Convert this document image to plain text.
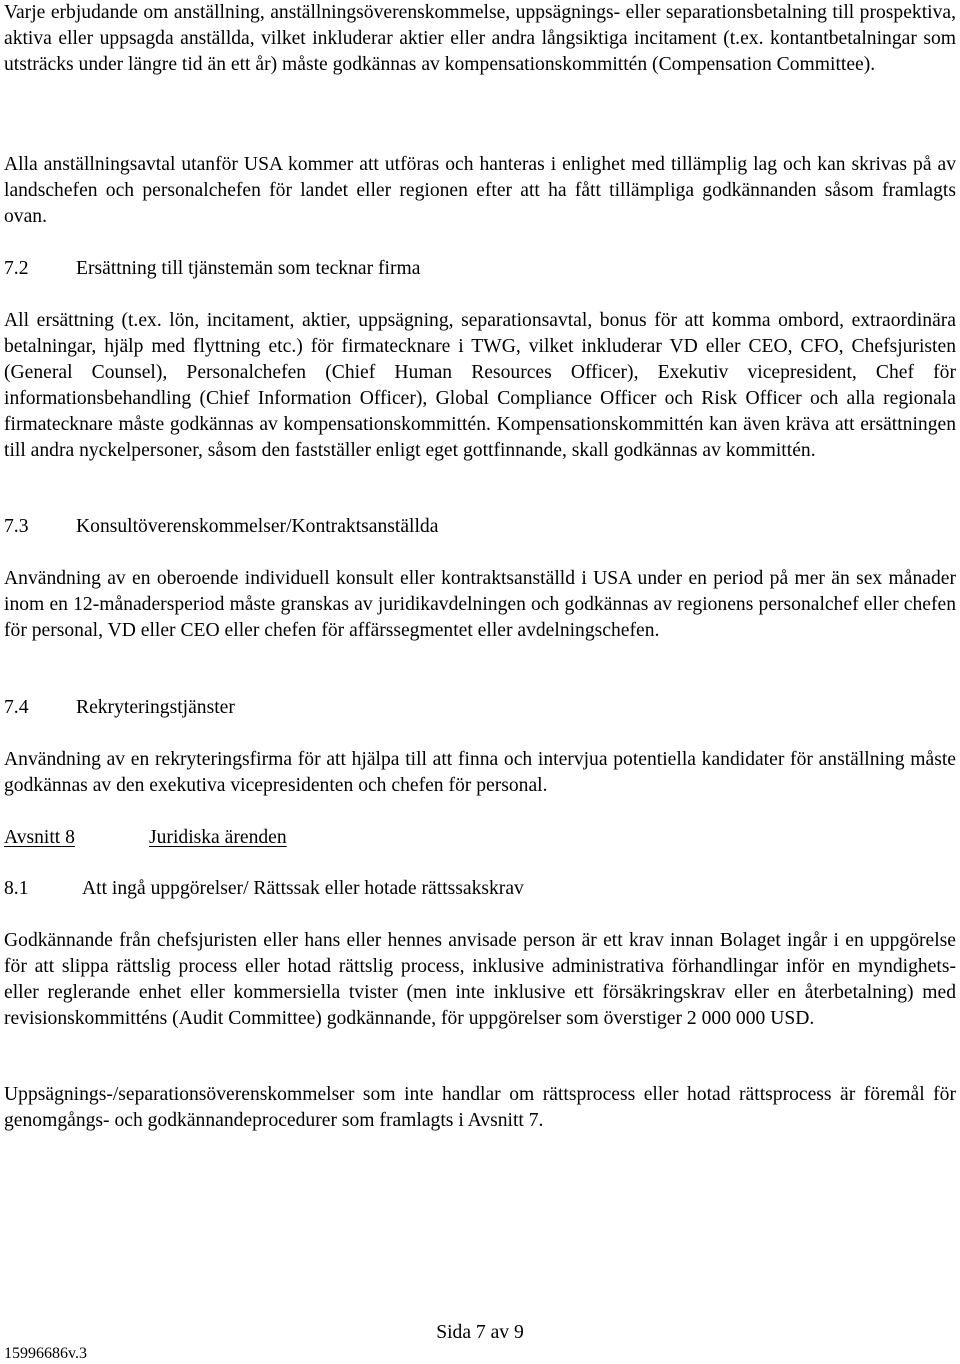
Varje erbjudande om anställning, anställningsöverenskommelse, uppsägnings- eller separationsbetalning till prospektiva, aktiva eller uppsagda anställda, vilket inkluderar aktier eller andra långsiktiga incitament (t.ex. kontantbetalningar som utsträcks under längre tid än ett år) måste godkännas av kompensationskommittén (Compensation Committee).

Alla anställningsavtal utanför USA kommer att utföras och hanteras i enlighet med tillämplig lag och kan skrivas på av landschefen och personalchefen för landet eller regionen efter att ha fått tillämpliga godkännanden såsom framlagts ovan.

7.2 Ersättning till tjänstemän som tecknar firma

All ersättning (t.ex. lön, incitament, aktier, uppsägning, separationsavtal, bonus för att komma ombord, extraordinära betalningar, hjälp med flyttning etc.) för firmatecknare i TWG, vilket inkluderar VD eller CEO, CFO, Chefsjuristen (General Counsel), Personalchefen (Chief Human Resources Officer), Exekutiv vicepresident, Chef för informationsbehandling (Chief Information Officer), Global Compliance Officer och Risk Officer och alla regionala firmatecknare måste godkännas av kompensationskommittén. Kompensationskommittén kan även kräva att ersättningen till andra nyckelpersoner, såsom den fastställer enligt eget gottfinnande, skall godkännas av kommittén.

7.3 Konsultöverenskommelser/Kontraktsanställda

Användning av en oberoende individuell konsult eller kontraktsanställd i USA under en period på mer än sex månader inom en 12-månadersperiod måste granskas av juridikavdelningen och godkännas av regionens personalchef eller chefen för personal, VD eller CEO eller chefen för affärssegmentet eller avdelningschefen.

7.4 Rekryteringstjänster

Användning av en rekryteringsfirma för att hjälpa till att finna och intervjua potentiella kandidater för anställning måste godkännas av den exekutiva vicepresidenten och chefen för personal.

Avsnitt 8	Juridiska ärenden
8.1	Att ingå uppgörelser/ Rättssak eller hotade rättssakskrav

Godkännande från chefsjuristen eller hans eller hennes anvisade person är ett krav innan Bolaget ingår i en uppgörelse för att slippa rättslig process eller hotad rättslig process, inklusive administrativa förhandlingar inför en myndighets- eller reglerande enhet eller kommersiella tvister (men inte inklusive ett försäkringskrav eller en återbetalning) med revisionskommitténs (Audit Committee) godkännande, för uppgörelser som överstiger 2 000 000 USD.

Uppsägnings-/separationsöverenskommelser som inte handlar om rättsprocess eller hotad rättsprocess är föremål för genomgångs- och godkännandeprocedurer som framlagts i Avsnitt 7.

Sida 7 av 9
15996686v.3
